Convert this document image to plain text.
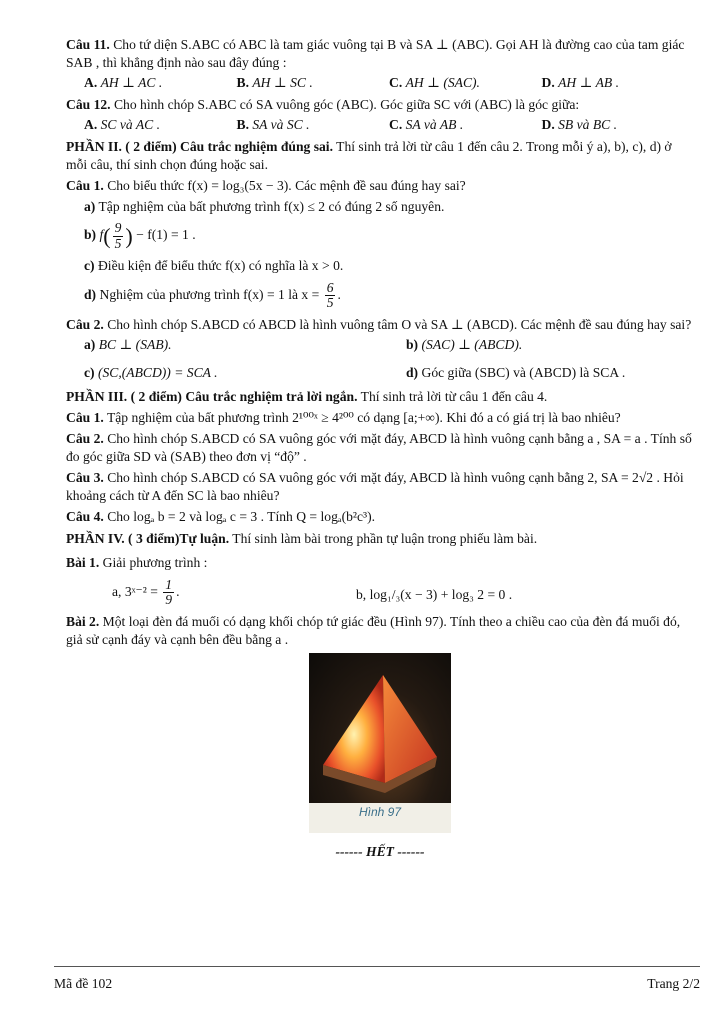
Câu 11. Cho tứ diện S.ABC có ABC là tam giác vuông tại B và SA ⊥ (ABC). Gọi AH là đường cao của tam giác SAB , thì khẳng định nào sau đây đúng :
A. AH ⊥ AC .	B. AH ⊥ SC .	C. AH ⊥ (SAC).	D. AH ⊥ AB .
Câu 12. Cho hình chóp S.ABC có SA vuông góc (ABC). Góc giữa SC với (ABC) là góc giữa:
A. SC và AC .	B. SA và SC .	C. SA và AB .	D. SB và BC .
PHẦN II. ( 2 điểm) Câu trắc nghiệm đúng sai. Thí sinh trả lời từ câu 1 đến câu 2. Trong mỗi ý a), b), c), d) ở mỗi câu, thí sinh chọn đúng hoặc sai.
Câu 1. Cho biểu thức f(x) = log₃(5x − 3). Các mệnh đề sau đúng hay sai?
a) Tập nghiệm của bất phương trình f(x) ≤ 2 có đúng 2 số nguyên.
b) $f( \frac{9}{5}$ ) − f(1) = 1 .
c) Điều kiện để biểu thức f(x) có nghĩa là x > 0.
d) Nghiệm của phương trình f(x) = 1 là $x = \frac{6}{5}$ .
Câu 2. Cho hình chóp S.ABCD có ABCD là hình vuông tâm O và SA ⊥ (ABCD). Các mệnh đề sau đúng hay sai?
a) BC ⊥ (SAB).	b) (SAC) ⊥ (ABCD).
c) (SC,(ABCD)) = SCA .	d) Góc giữa (SBC) và (ABCD) là SCA .
PHẦN III. ( 2 điểm) Câu trắc nghiệm trả lời ngắn. Thí sinh trả lời từ câu 1 đến câu 4.
Câu 1. Tập nghiệm của bất phương trình 2¹⁰⁰ˣ ≥ 4²⁰⁰ có dạng [a;+∞). Khi đó a có giá trị là bao nhiêu?
Câu 2. Cho hình chóp S.ABCD có SA vuông góc với mặt đáy, ABCD là hình vuông cạnh bằng a , SA = a . Tính số đo góc giữa SD và (SAB) theo đơn vị “độ” .
Câu 3. Cho hình chóp S.ABCD có SA vuông góc với mặt đáy, ABCD là hình vuông cạnh bằng 2, SA = 2√2 . Hỏi khoảng cách từ A đến SC là bao nhiêu?
Câu 4. Cho logₐ b = 2 và logₐ c = 3 . Tính Q = logₐ(b²c³).
PHẦN IV. ( 3 điểm)Tự luận. Thí sinh làm bài trong phần tự luận trong phiếu làm bài.
Bài 1. Giải phương trình :
a, 3ˣ⁻² = $\frac{1}{9}$ .	b, log₁/₃(x − 3) + log₃ 2 = 0 .
Bài 2. Một loại đèn đá muối có dạng khối chóp tứ giác đều (Hình 97). Tính theo a chiều cao của đèn đá muối đó, giả sử cạnh đáy và cạnh bên đều bằng a .
Hình 97
------ HẾT ------
Mã đề 102	Trang 2/2
